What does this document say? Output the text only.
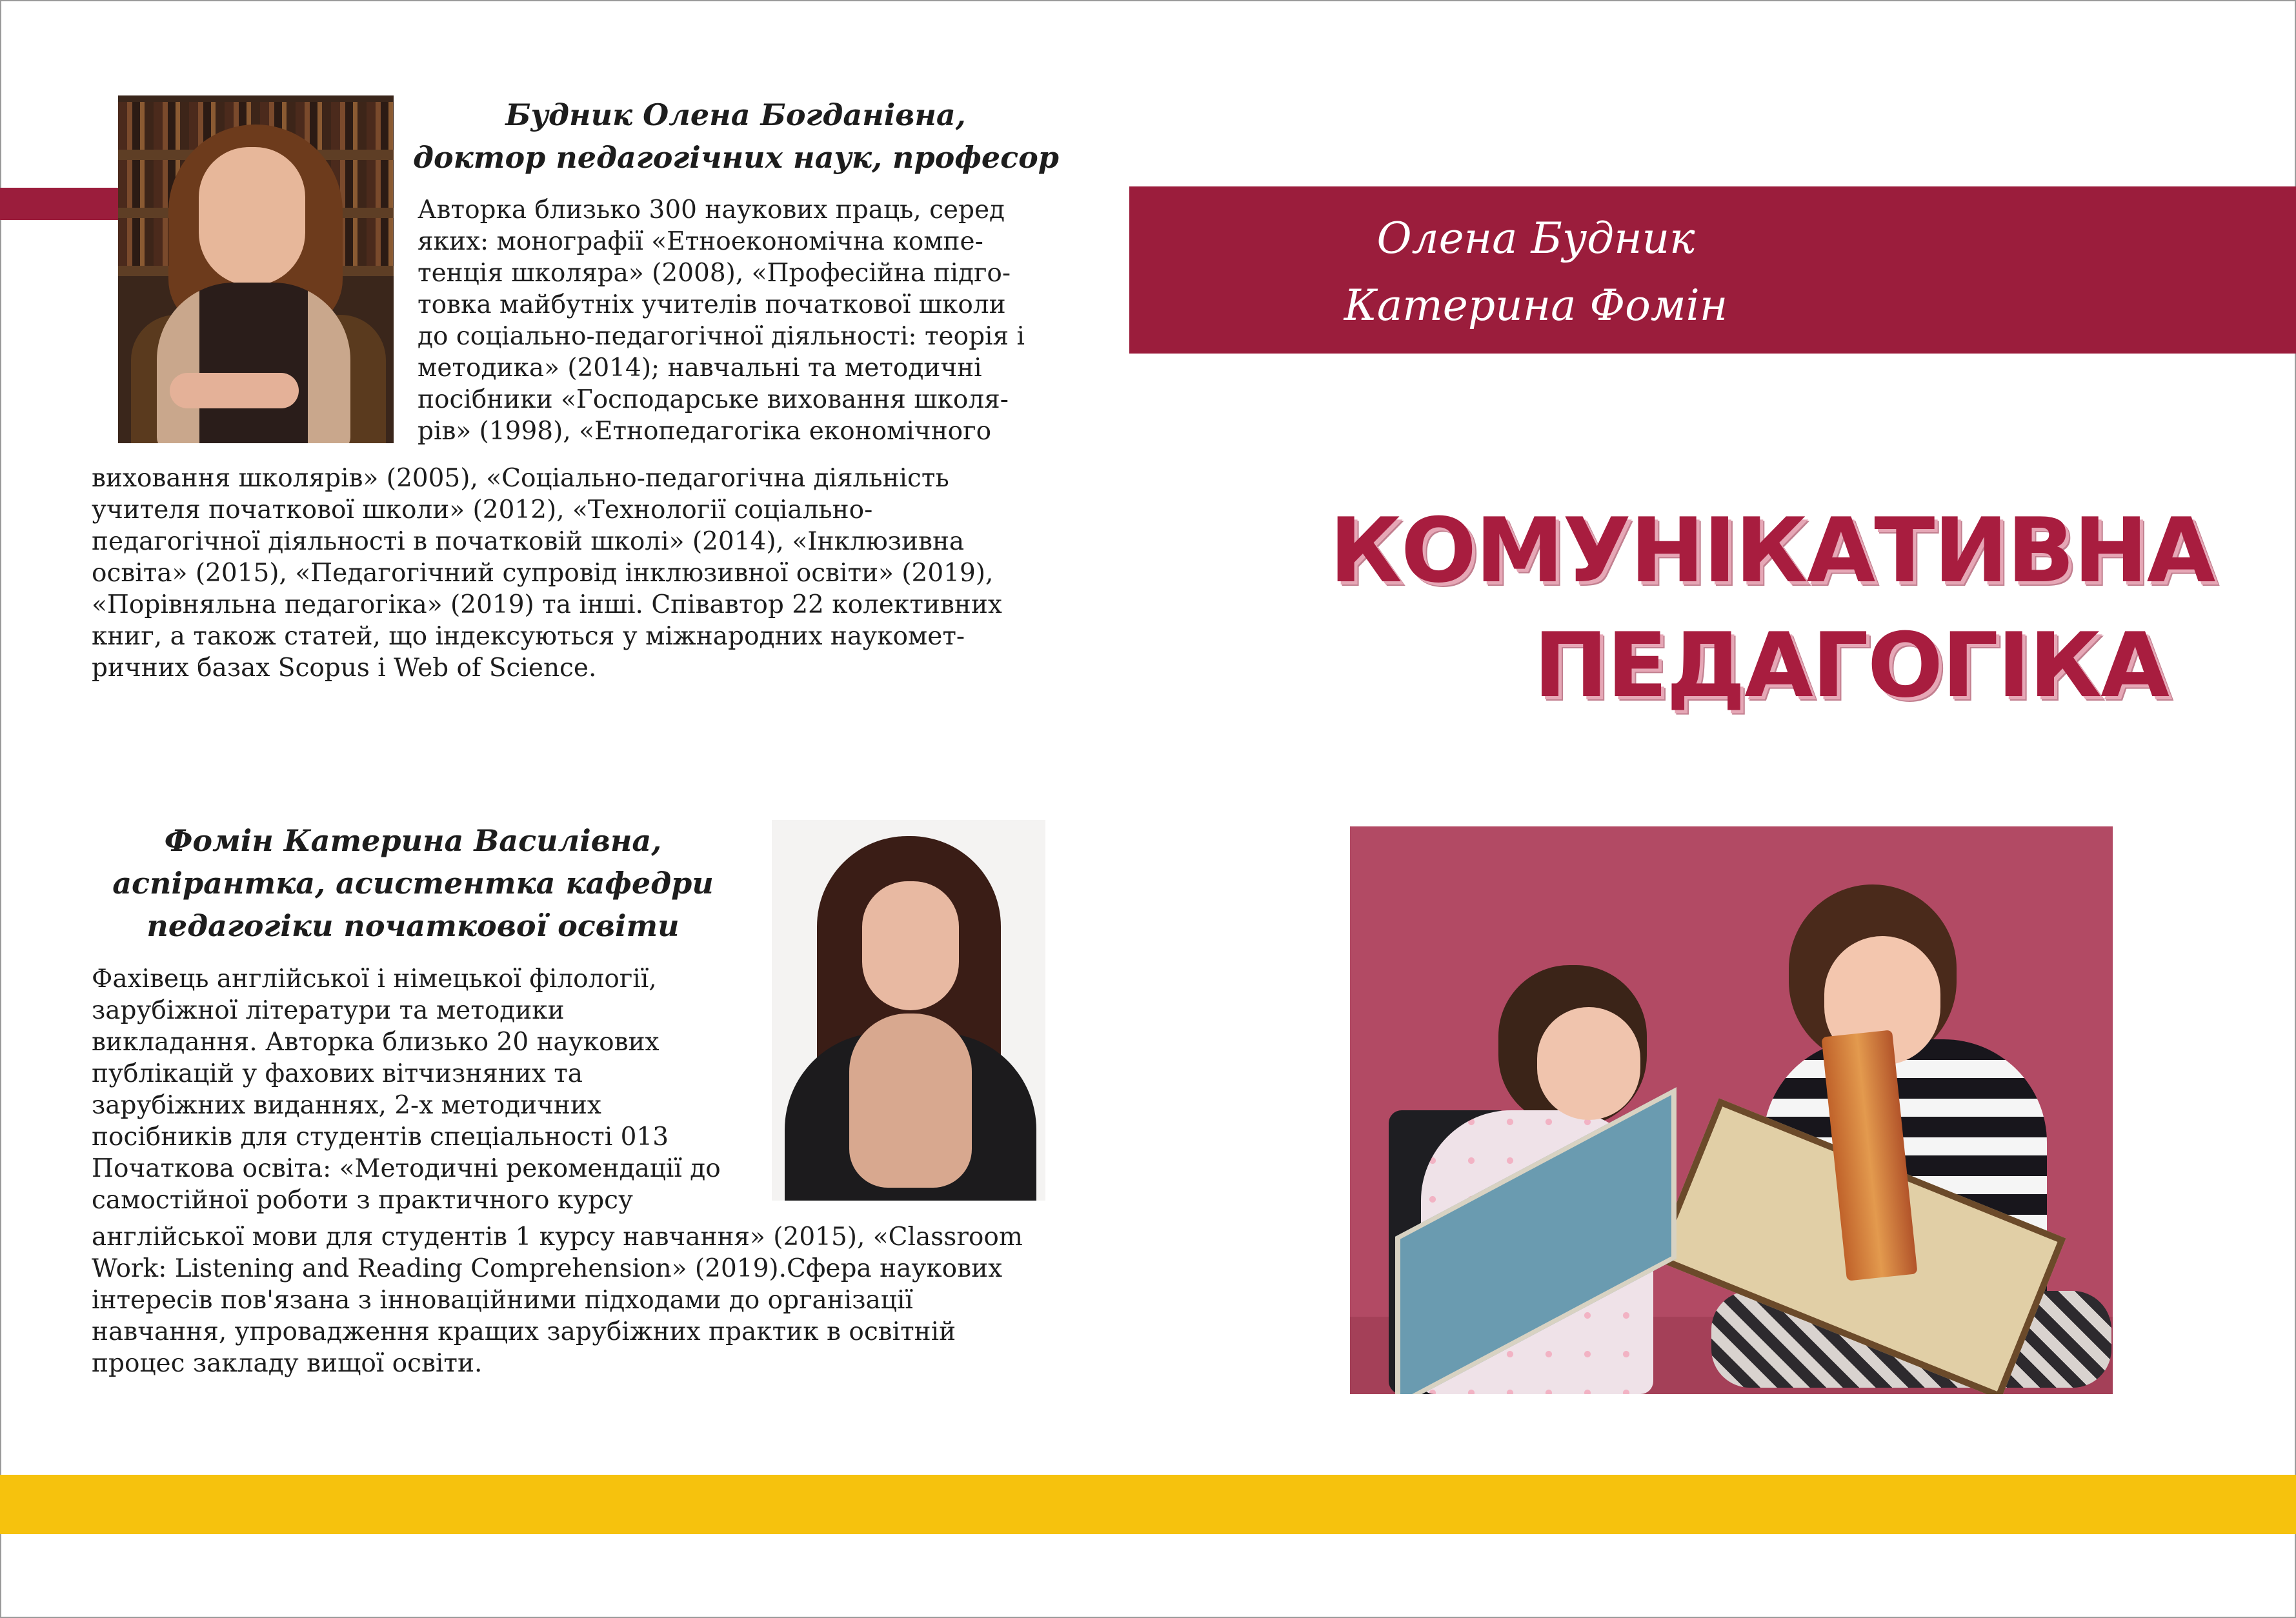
Будник Олена Богданівна,
доктор педагогічних наук, професор
Авторка близько 300 наукових праць, серед
яких: монографії «Етноекономічна компе-
тенція школяра» (2008), «Професійна підго-
товка майбутніх учителів початкової школи
до соціально-педагогічної діяльності: теорія і
методика» (2014); навчальні та методичні
посібники «Господарське виховання школя-
рів» (1998), «Етнопедагогіка економічного
виховання школярів» (2005), «Соціально-педагогічна діяльність
учителя початкової школи» (2012), «Технології соціально-
педагогічної діяльності в початковій школі» (2014), «Інклюзивна
освіта» (2015), «Педагогічний супровід інклюзивної освіти» (2019),
«Порівняльна педагогіка» (2019) та інші. Співавтор 22 колективних
книг, а також статей, що індексуються у міжнародних наукомет-
ричних базах Scopus і Web of Science.
Фомін Катерина Василівна,
аспірантка, асистентка кафедри
педагогіки початкової освіти
Фахівець англійської і німецької філології,
зарубіжної літератури та методики
викладання. Авторка близько 20 наукових
публікацій у фахових вітчизняних та
зарубіжних виданнях, 2-х методичних
посібників для студентів спеціальності 013
Початкова освіта: «Методичні рекомендації до
самостійної роботи з практичного курсу
англійської мови для студентів 1 курсу навчання» (2015), «Classroom
Work: Listening and Reading Comprehension» (2019).Сфера наукових
інтересів пов'язана з інноваційними підходами до організації
навчання, упровадження кращих зарубіжних практик в освітній
процес закладу вищої освіти.
Олена Будник
Катерина Фомін
КОМУНІКАТИВНА
ПЕДАГОГІКА
